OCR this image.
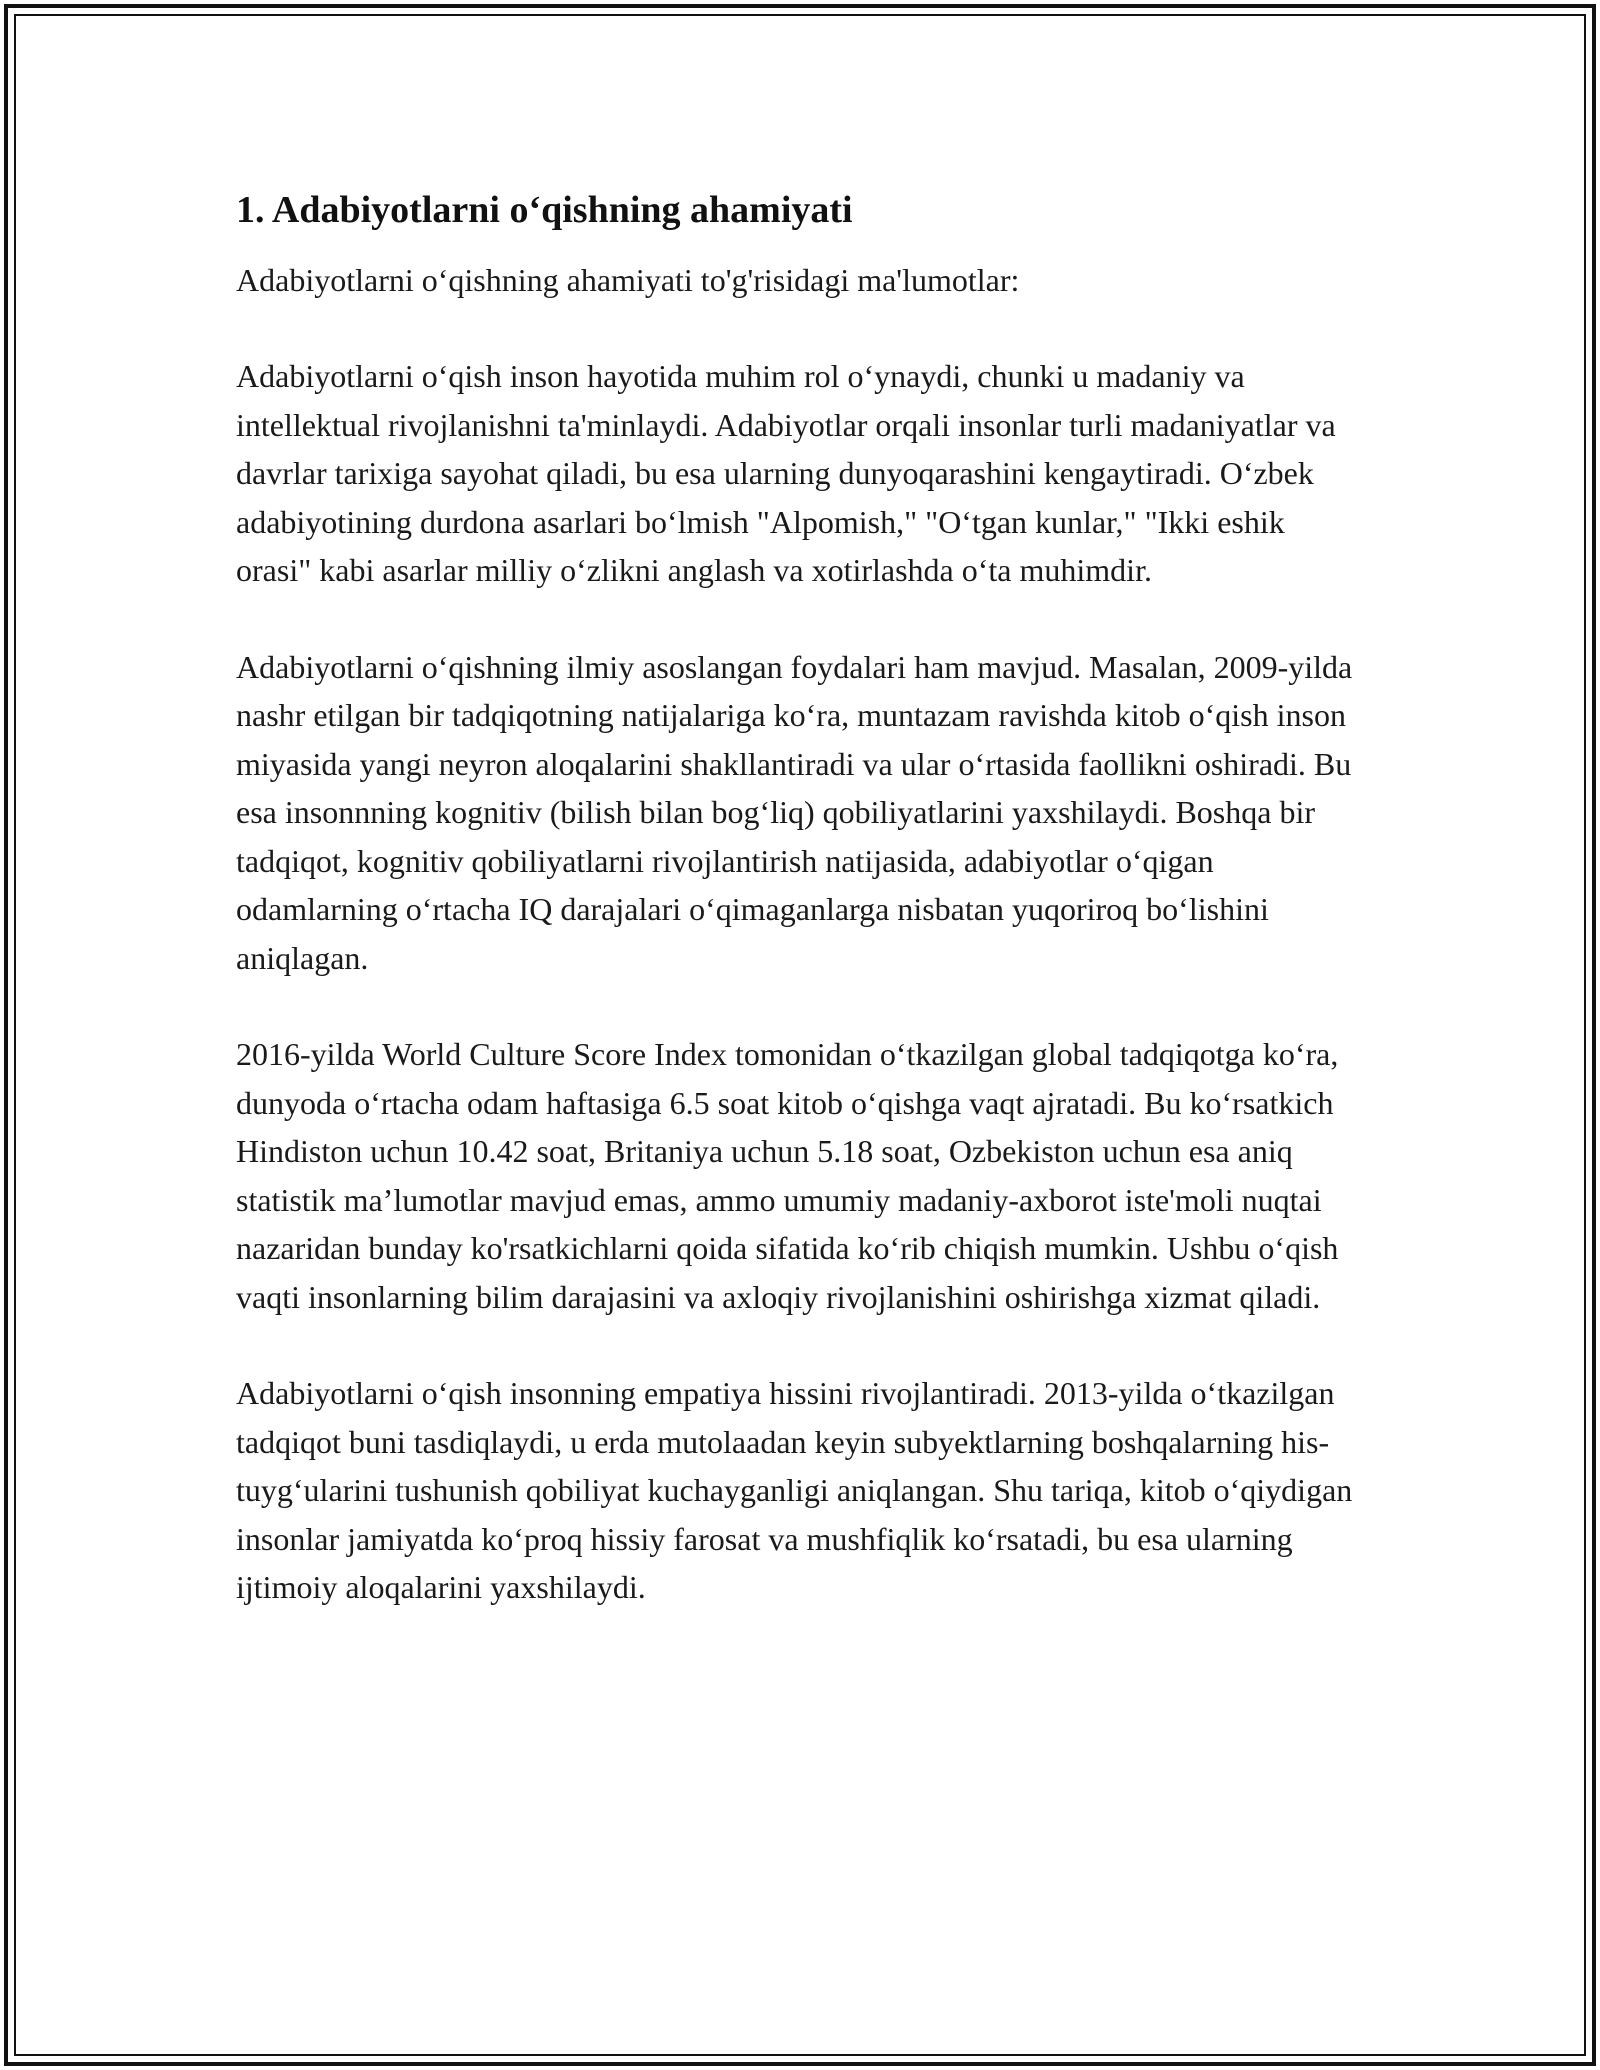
1. Adabiyotlarni o‘qishning ahamiyati

Adabiyotlarni o‘qishning ahamiyati to'g'risidagi ma'lumotlar:

Adabiyotlarni o‘qish inson hayotida muhim rol o‘ynaydi, chunki u madaniy va intellektual rivojlanishni ta'minlaydi. Adabiyotlar orqali insonlar turli madaniyatlar va davrlar tarixiga sayohat qiladi, bu esa ularning dunyoqarashini kengaytiradi. O‘zbek adabiyotining durdona asarlari bo‘lmish "Alpomish," "O‘tgan kunlar," "Ikki eshik orasi" kabi asarlar milliy o‘zlikni anglash va xotirlashda o‘ta muhimdir.

Adabiyotlarni o‘qishning ilmiy asoslangan foydalari ham mavjud. Masalan, 2009-yilda nashr etilgan bir tadqiqotning natijalariga ko‘ra, muntazam ravishda kitob o‘qish inson miyasida yangi neyron aloqalarini shakllantiradi va ular o‘rtasida faollikni oshiradi. Bu esa insonnning kognitiv (bilish bilan bog‘liq) qobiliyatlarini yaxshilaydi. Boshqa bir tadqiqot, kognitiv qobiliyatlarni rivojlantirish natijasida, adabiyotlar o‘qigan odamlarning o‘rtacha IQ darajalari o‘qimaganlarga nisbatan yuqoriroq bo‘lishini aniqlagan.

2016-yilda World Culture Score Index tomonidan o‘tkazilgan global tadqiqotga ko‘ra, dunyoda o‘rtacha odam haftasiga 6.5 soat kitob o‘qishga vaqt ajratadi. Bu ko‘rsatkich Hindiston uchun 10.42 soat, Britaniya uchun 5.18 soat, Ozbekiston uchun esa aniq statistik ma’lumotlar mavjud emas, ammo umumiy madaniy-axborot iste'moli nuqtai nazaridan bunday ko'rsatkichlarni qoida sifatida ko‘rib chiqish mumkin. Ushbu o‘qish vaqti insonlarning bilim darajasini va axloqiy rivojlanishini oshirishga xizmat qiladi.

Adabiyotlarni o‘qish insonning empatiya hissini rivojlantiradi. 2013-yilda o‘tkazilgan tadqiqot buni tasdiqlaydi, u erda mutolaadan keyin subyektlarning boshqalarning his-tuyg‘ularini tushunish qobiliyat kuchayganligi aniqlangan. Shu tariqa, kitob o‘qiydigan insonlar jamiyatda ko‘proq hissiy farosat va mushfiqlik ko‘rsatadi, bu esa ularning ijtimoiy aloqalarini yaxshilaydi.
